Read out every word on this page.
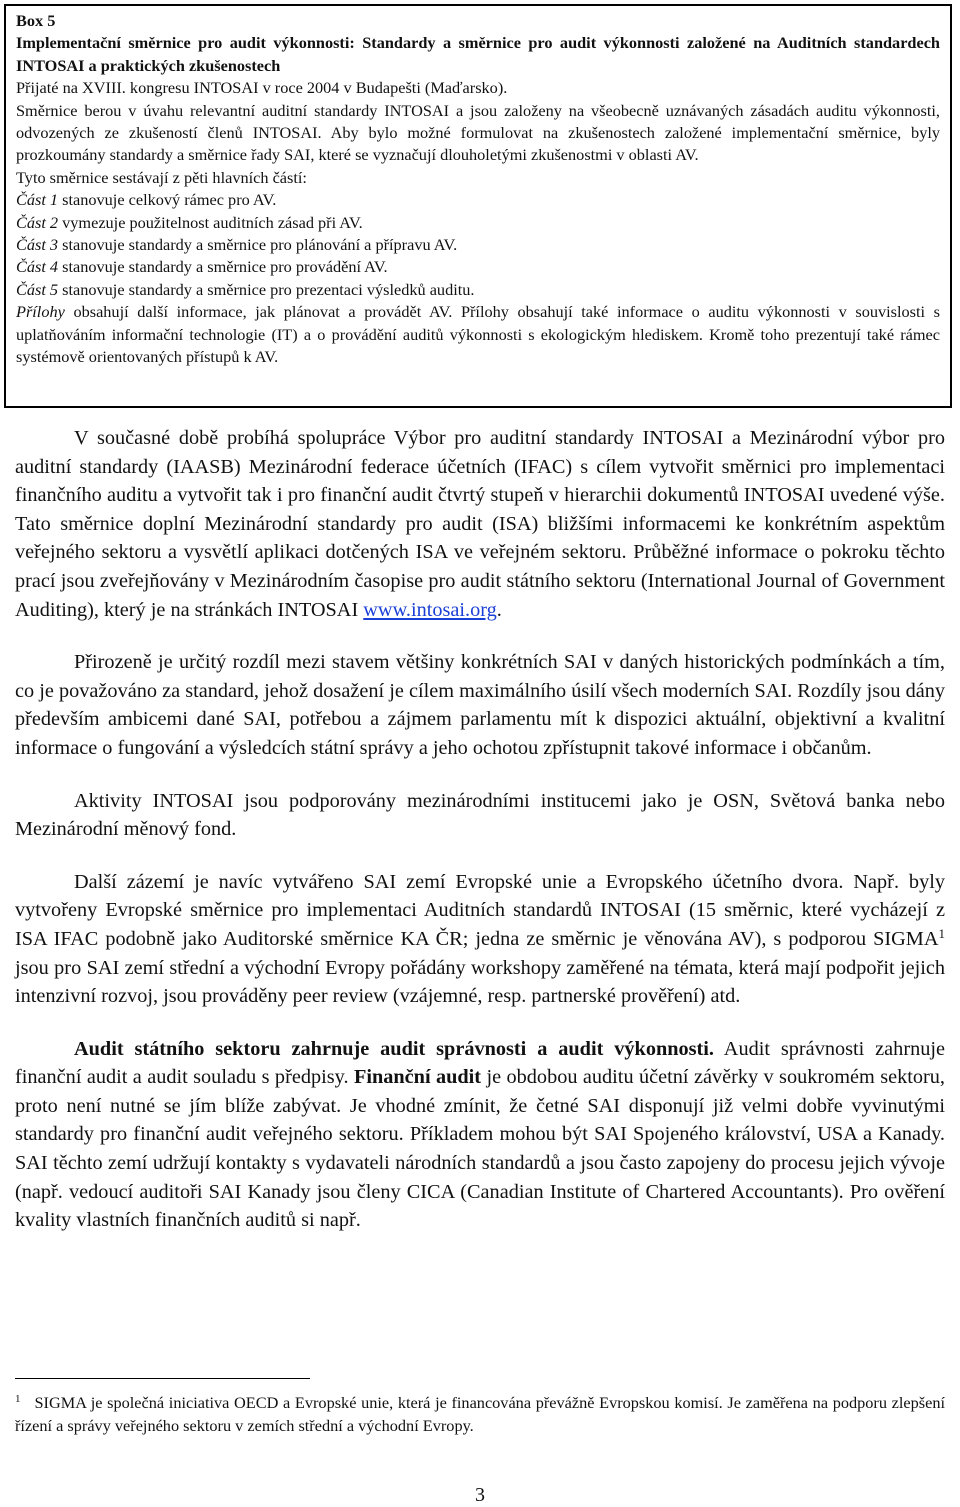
Box 5

Implementační směrnice pro audit výkonnosti: Standardy a směrnice pro audit výkonnosti založené na Auditních standardech INTOSAI a praktických zkušenostech

Přijaté na XVIII. kongresu INTOSAI v roce 2004 v Budapešti (Maďarsko).

Směrnice berou v úvahu relevantní auditní standardy INTOSAI a jsou založeny na všeobecně uznávaných zásadách auditu výkonnosti, odvozených ze zkušeností členů INTOSAI. Aby bylo možné formulovat na zkušenostech založené implementační směrnice, byly prozkoumány standardy a směrnice řady SAI, které se vyznačují dlouholetými zkušenostmi v oblasti AV.

Tyto směrnice sestávají z pěti hlavních částí:

Část 1 stanovuje celkový rámec pro AV.

Část 2 vymezuje použitelnost auditních zásad při AV.

Část 3 stanovuje standardy a směrnice pro plánování a přípravu AV.

Část 4 stanovuje standardy a směrnice pro provádění AV.

Část 5 stanovuje standardy a směrnice pro prezentaci výsledků auditu.

Přílohy obsahují další informace, jak plánovat a provádět AV. Přílohy obsahují také informace o auditu výkonnosti v souvislosti s uplatňováním informační technologie (IT) a o provádění auditů výkonnosti s ekologickým hlediskem. Kromě toho prezentují také rámec systémově orientovaných přístupů k AV.

V současné době probíhá spolupráce Výbor pro auditní standardy INTOSAI a Mezinárodní výbor pro auditní standardy (IAASB) Mezinárodní federace účetních (IFAC) s cílem vytvořit směrnici pro implementaci finančního auditu a vytvořit tak i pro finanční audit čtvrtý stupeň v hierarchii dokumentů INTOSAI uvedené výše. Tato směrnice doplní Mezinárodní standardy pro audit (ISA) bližšími informacemi ke konkrétním aspektům veřejného sektoru a vysvětlí aplikaci dotčených ISA ve veřejném sektoru. Průběžné informace o pokroku těchto prací jsou zveřejňovány v Mezinárodním časopise pro audit státního sektoru (International Journal of Government Auditing), který je na stránkách INTOSAI www.intosai.org.

Přirozeně je určitý rozdíl mezi stavem většiny konkrétních SAI v daných historických podmínkách a tím, co je považováno za standard, jehož dosažení je cílem maximálního úsilí všech moderních SAI. Rozdíly jsou dány především ambicemi dané SAI, potřebou a zájmem parlamentu mít k dispozici aktuální, objektivní a kvalitní informace o fungování a výsledcích státní správy a jeho ochotou zpřístupnit takové informace i občanům.

Aktivity INTOSAI jsou podporovány mezinárodními institucemi jako je OSN, Světová banka nebo Mezinárodní měnový fond.

Další zázemí je navíc vytvářeno SAI zemí Evropské unie a Evropského účetního dvora. Např. byly vytvořeny Evropské směrnice pro implementaci Auditních standardů INTOSAI (15 směrnic, které vycházejí z ISA IFAC podobně jako Auditorské směrnice KA ČR; jedna ze směrnic je věnována AV), s podporou SIGMA$^1$ jsou pro SAI zemí střední a východní Evropy pořádány workshopy zaměřené na témata, která mají podpořit jejich intenzivní rozvoj, jsou prováděny peer review (vzájemné, resp. partnerské prověření) atd.

Audit státního sektoru zahrnuje audit správnosti a audit výkonnosti. Audit správnosti zahrnuje finanční audit a audit souladu s předpisy. Finanční audit je obdobou auditu účetní závěrky v soukromém sektoru, proto není nutné se jím blíže zabývat. Je vhodné zmínit, že četné SAI disponují již velmi dobře vyvinutými standardy pro finanční audit veřejného sektoru. Příkladem mohou být SAI Spojeného království, USA a Kanady. SAI těchto zemí udržují kontakty s vydavateli národních standardů a jsou často zapojeny do procesu jejich vývoje (např. vedoucí auditoři SAI Kanady jsou členy CICA (Canadian Institute of Chartered Accountants). Pro ověření kvality vlastních finančních auditů si např.

$^1$ SIGMA je společná iniciativa OECD a Evropské unie, která je financována převážně Evropskou komisí. Je zaměřena na podporu zlepšení řízení a správy veřejného sektoru v zemích střední a východní Evropy.
3
